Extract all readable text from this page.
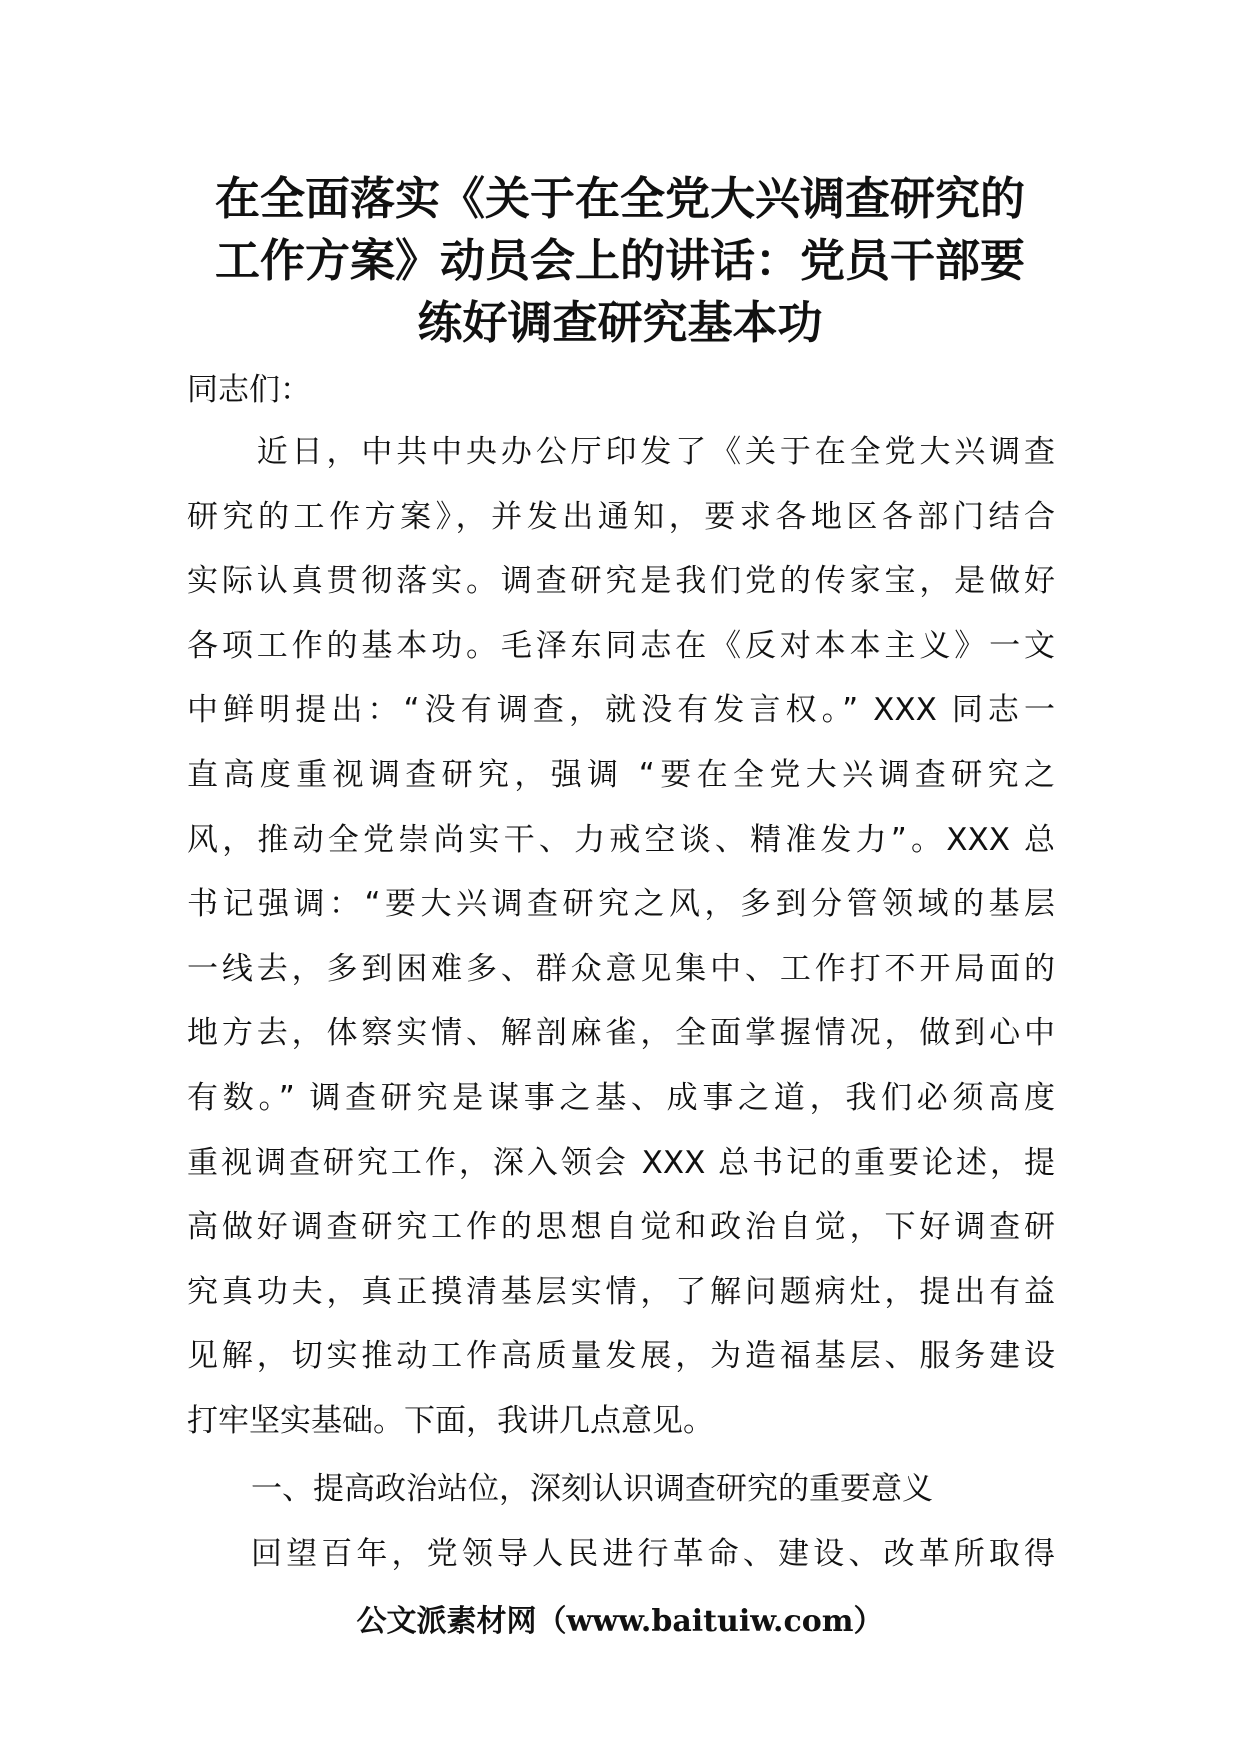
在全面落实《关于在全党大兴调查研究的
工作方案》动员会上的讲话：党员干部要
练好调查研究基本功

同志们：

　　近日，中共中央办公厅印发了《关于在全党大兴调查
研究的工作方案》，并发出通知，要求各地区各部门结合
实际认真贯彻落实。调查研究是我们党的传家宝，是做好
各项工作的基本功。毛泽东同志在《反对本本主义》一文
中鲜明提出：“没有调查，就没有发言权。” XXX 同志一
直高度重视调查研究，强调 “要在全党大兴调查研究之
风，推动全党崇尚实干、力戒空谈、精准发力”。XXX 总
书记强调：“要大兴调查研究之风，多到分管领域的基层
一线去，多到困难多、群众意见集中、工作打不开局面的
地方去，体察实情、解剖麻雀，全面掌握情况，做到心中
有数。” 调查研究是谋事之基、成事之道，我们必须高度
重视调查研究工作，深入领会 XXX 总书记的重要论述，提
高做好调查研究工作的思想自觉和政治自觉，下好调查研
究真功夫，真正摸清基层实情，了解问题病灶，提出有益
见解，切实推动工作高质量发展，为造福基层、服务建设
打牢坚实基础。下面，我讲几点意见。
一、提高政治站位，深刻认识调查研究的重要意义

回望百年，党领导人民进行革命、建设、改革所取得

公文派素材网（www.baituiw.com）
